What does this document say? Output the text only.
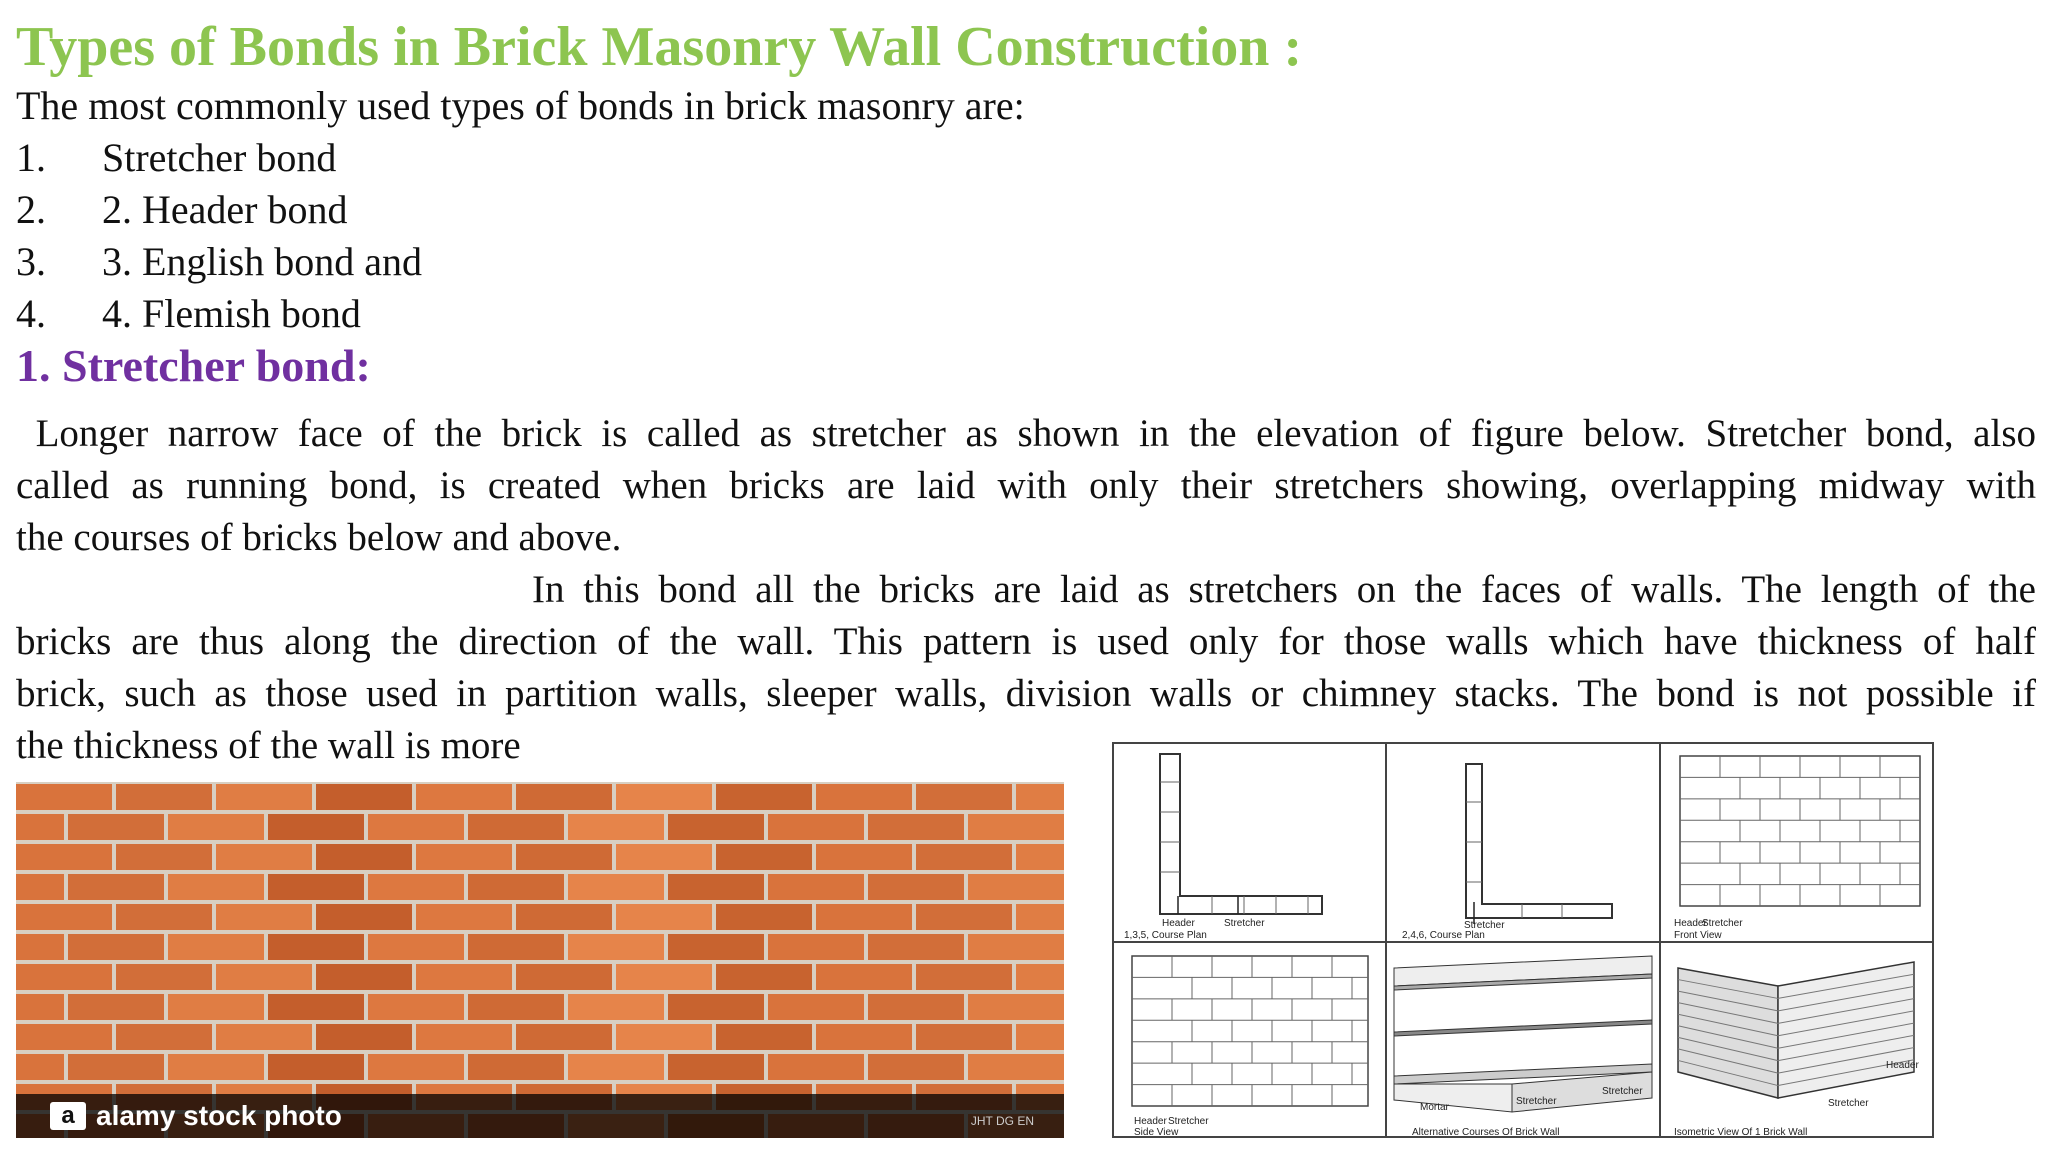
Types of Bonds in Brick Masonry Wall Construction :
The most commonly used types of bonds in brick masonry are:
1. Stretcher bond
2. 2. Header bond
3. 3. English bond and
4. 4. Flemish bond
1. Stretcher bond:
Longer narrow face of the brick is called as stretcher as shown in the elevation of figure below. Stretcher bond, also
called as running bond, is created when bricks are laid with only their stretchers showing, overlapping midway with
the courses of bricks below and above.
In this bond all the bricks are laid as stretchers on the faces of walls. The length of the
bricks are thus along the direction of the wall. This pattern is used only for those walls which have thickness of half
brick, such as those used in partition walls, sleeper walls, division walls or chimney stacks. The bond is not possible if
the thickness of the wall is more
a alamy stock photo	JHT DG EN
Header	Stretcher
1,3,5, Course Plan
Stretcher
2,4,6, Course Plan
Header
Stretcher
Front View
Header Stretcher
Side View
Mortar
Stretcher
Stretcher
Alternative Courses Of Brick Wall
Header
Stretcher
Isometric View Of 1 Brick Wall
